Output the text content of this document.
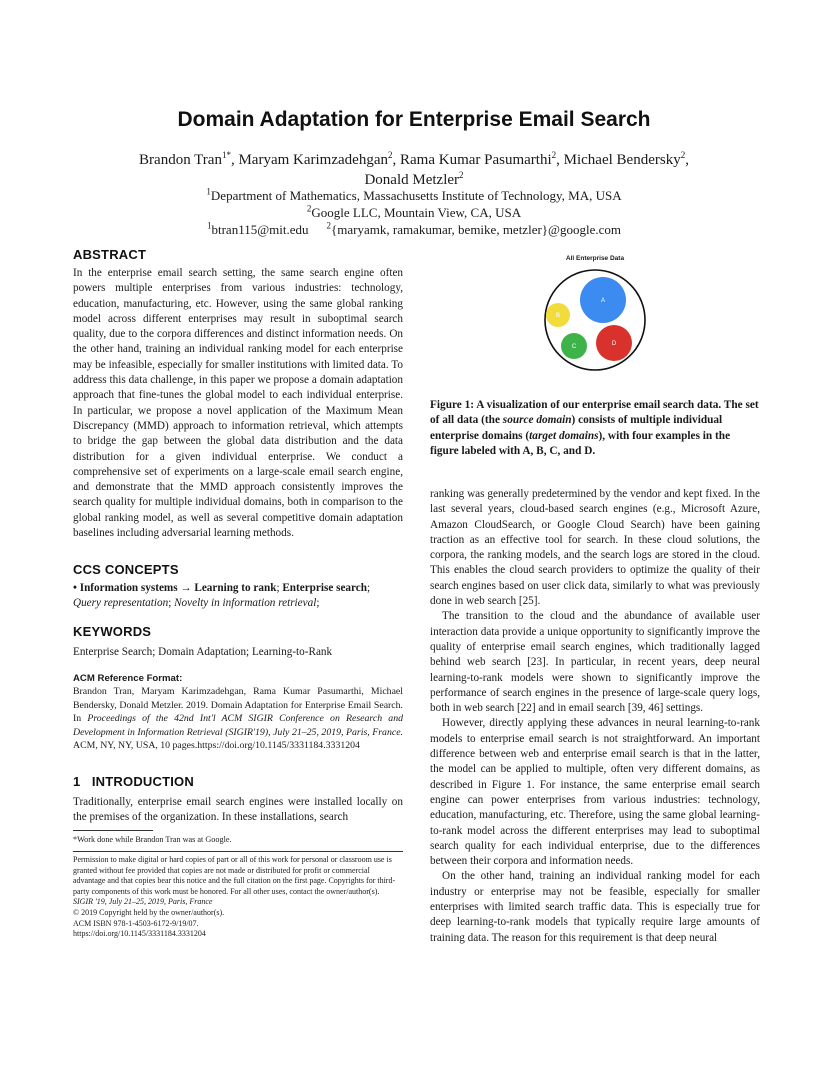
Domain Adaptation for Enterprise Email Search
Brandon Tran$^{1*}$, Maryam Karimzadehgan$^2$, Rama Kumar Pasumarthi$^2$, Michael Bendersky$^2$,
Donald Metzler$^2$
$^1$Department of Mathematics, Massachusetts Institute of Technology, MA, USA
$^2$Google LLC, Mountain View, CA, USA
$^1$btran115@mit.edu $^2${maryamk, ramakumar, bemike, metzler}@google.com
ABSTRACT

In the enterprise email search setting, the same search engine often powers multiple enterprises from various industries: technology, education, manufacturing, etc. However, using the same global ranking model across different enterprises may result in suboptimal search quality, due to the corpora differences and distinct information needs. On the other hand, training an individual ranking model for each enterprise may be infeasible, especially for smaller institutions with limited data. To address this data challenge, in this paper we propose a domain adaptation approach that fine-tunes the global model to each individual enterprise. In particular, we propose a novel application of the Maximum Mean Discrepancy (MMD) approach to information retrieval, which attempts to bridge the gap between the global data distribution and the data distribution for a given individual enterprise. We conduct a comprehensive set of experiments on a large-scale email search engine, and demonstrate that the MMD approach consistently improves the search quality for multiple individual domains, both in comparison to the global ranking model, as well as several competitive domain adaptation baselines including adversarial learning methods.

CCS CONCEPTS

• Information systems → Learning to rank; Enterprise search;

Query representation; Novelty in information retrieval;

KEYWORDS
Enterprise Search; Domain Adaptation; Learning-to-Rank

ACM Reference Format:

Brandon Tran, Maryam Karimzadehgan, Rama Kumar Pasumarthi, Michael Bendersky, Donald Metzler. 2019. Domain Adaptation for Enterprise Email Search. In Proceedings of the 42nd Int'l ACM SIGIR Conference on Research and Development in Information Retrieval (SIGIR'19), July 21–25, 2019, Paris, France. ACM, NY, NY, USA, 10 pages.https://doi.org/10.1145/3331184.3331204

1 INTRODUCTION
Traditionally, enterprise email search engines were installed locally on the premises of the organization. In these installations, search
*Work done while Brandon Tran was at Google.

Permission to make digital or hard copies of part or all of this work for personal or classroom use is granted without fee provided that copies are not made or distributed for profit or commercial advantage and that copies bear this notice and the full citation on the first page. Copyrights for third-party components of this work must be honored. For all other uses, contact the owner/author(s).

SIGIR '19, July 21–25, 2019, Paris, France

© 2019 Copyright held by the owner/author(s).

ACM ISBN 978-1-4503-6172-9/19/07.

https://doi.org/10.1145/3331184.3331204

A
B
C	D
All Enterprise Data
Figure 1: A visualization of our enterprise email search data. The set of all data (the source domain) consists of multiple individual enterprise domains (target domains), with four examples in the figure labeled with A, B, C, and D.

ranking was generally predetermined by the vendor and kept fixed. In the last several years, cloud-based search engines (e.g., Microsoft Azure, Amazon CloudSearch, or Google Cloud Search) have been gaining traction as an effective tool for search. In these cloud solutions, the corpora, the ranking models, and the search logs are stored in the cloud. This enables the cloud search providers to optimize the quality of their search engines based on user click data, similarly to what was previously done in web search [25].

The transition to the cloud and the abundance of available user interaction data provide a unique opportunity to significantly improve the quality of enterprise email search engines, which traditionally lagged behind web search [23]. In particular, in recent years, deep neural learning-to-rank models were shown to significantly improve the performance of search engines in the presence of large-scale query logs, both in web search [22] and in email search [39, 46] settings.

However, directly applying these advances in neural learning-to-rank models to enterprise email search is not straightforward. An important difference between web and enterprise email search is that in the latter, the model can be applied to multiple, often very different domains, as described in Figure 1. For instance, the same enterprise email search engine can power enterprises from various industries: technology, education, manufacturing, etc. Therefore, using the same global learning-to-rank model across the different enterprises may lead to suboptimal search quality for each individual enterprise, due to the differences between their corpora and information needs.

On the other hand, training an individual ranking model for each industry or enterprise may not be feasible, especially for smaller enterprises with limited search traffic data. This is especially true for deep learning-to-rank models that typically require large amounts of training data. The reason for this requirement is that deep neural
